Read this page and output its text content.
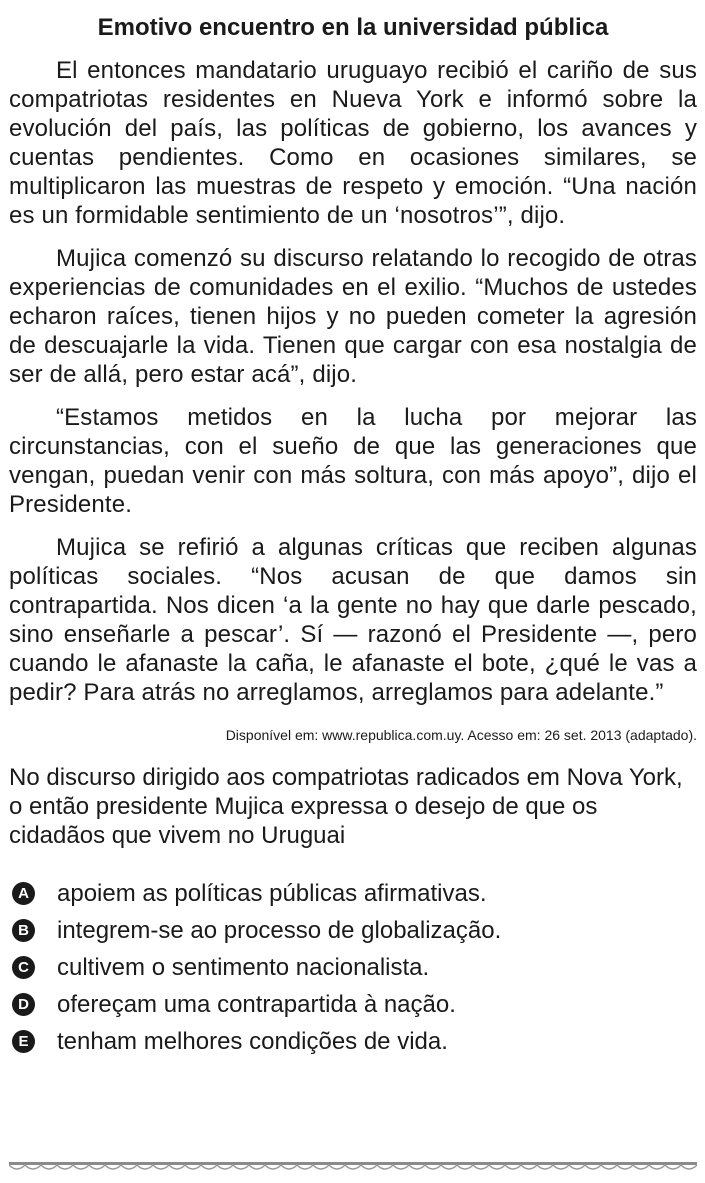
Emotivo encuentro en la universidad pública

El entonces mandatario uruguayo recibió el cariño de sus compatriotas residentes en Nueva York e informó sobre la evolución del país, las políticas de gobierno, los avances y cuentas pendientes. Como en ocasiones similares, se multiplicaron las muestras de respeto y emoción. “Una nación es un formidable sentimiento de un ‘nosotros’”, dijo.

Mujica comenzó su discurso relatando lo recogido de otras experiencias de comunidades en el exilio. “Muchos de ustedes echaron raíces, tienen hijos y no pueden cometer la agresión de descuajarle la vida. Tienen que cargar con esa nostalgia de ser de allá, pero estar acá”, dijo.

“Estamos metidos en la lucha por mejorar las circunstancias, con el sueño de que las generaciones que vengan, puedan venir con más soltura, con más apoyo”, dijo el Presidente.

Mujica se refirió a algunas críticas que reciben algunas políticas sociales. “Nos acusan de que damos sin contrapartida. Nos dicen ‘a la gente no hay que darle pescado, sino enseñarle a pescar’. Sí — razonó el Presidente —, pero cuando le afanaste la caña, le afanaste el bote, ¿qué le vas a pedir? Para atrás no arreglamos, arreglamos para adelante.”

Disponível em: www.republica.com.uy. Acesso em: 26 set. 2013 (adaptado).
No discurso dirigido aos compatriotas radicados em Nova York, o então presidente Mujica expressa o desejo de que os cidadãos que vivem no Uruguai
A apoiem as políticas públicas afirmativas.
B integrem-se ao processo de globalização.
C cultivem o sentimento nacionalista.
D ofereçam uma contrapartida à nação.
E tenham melhores condições de vida.
